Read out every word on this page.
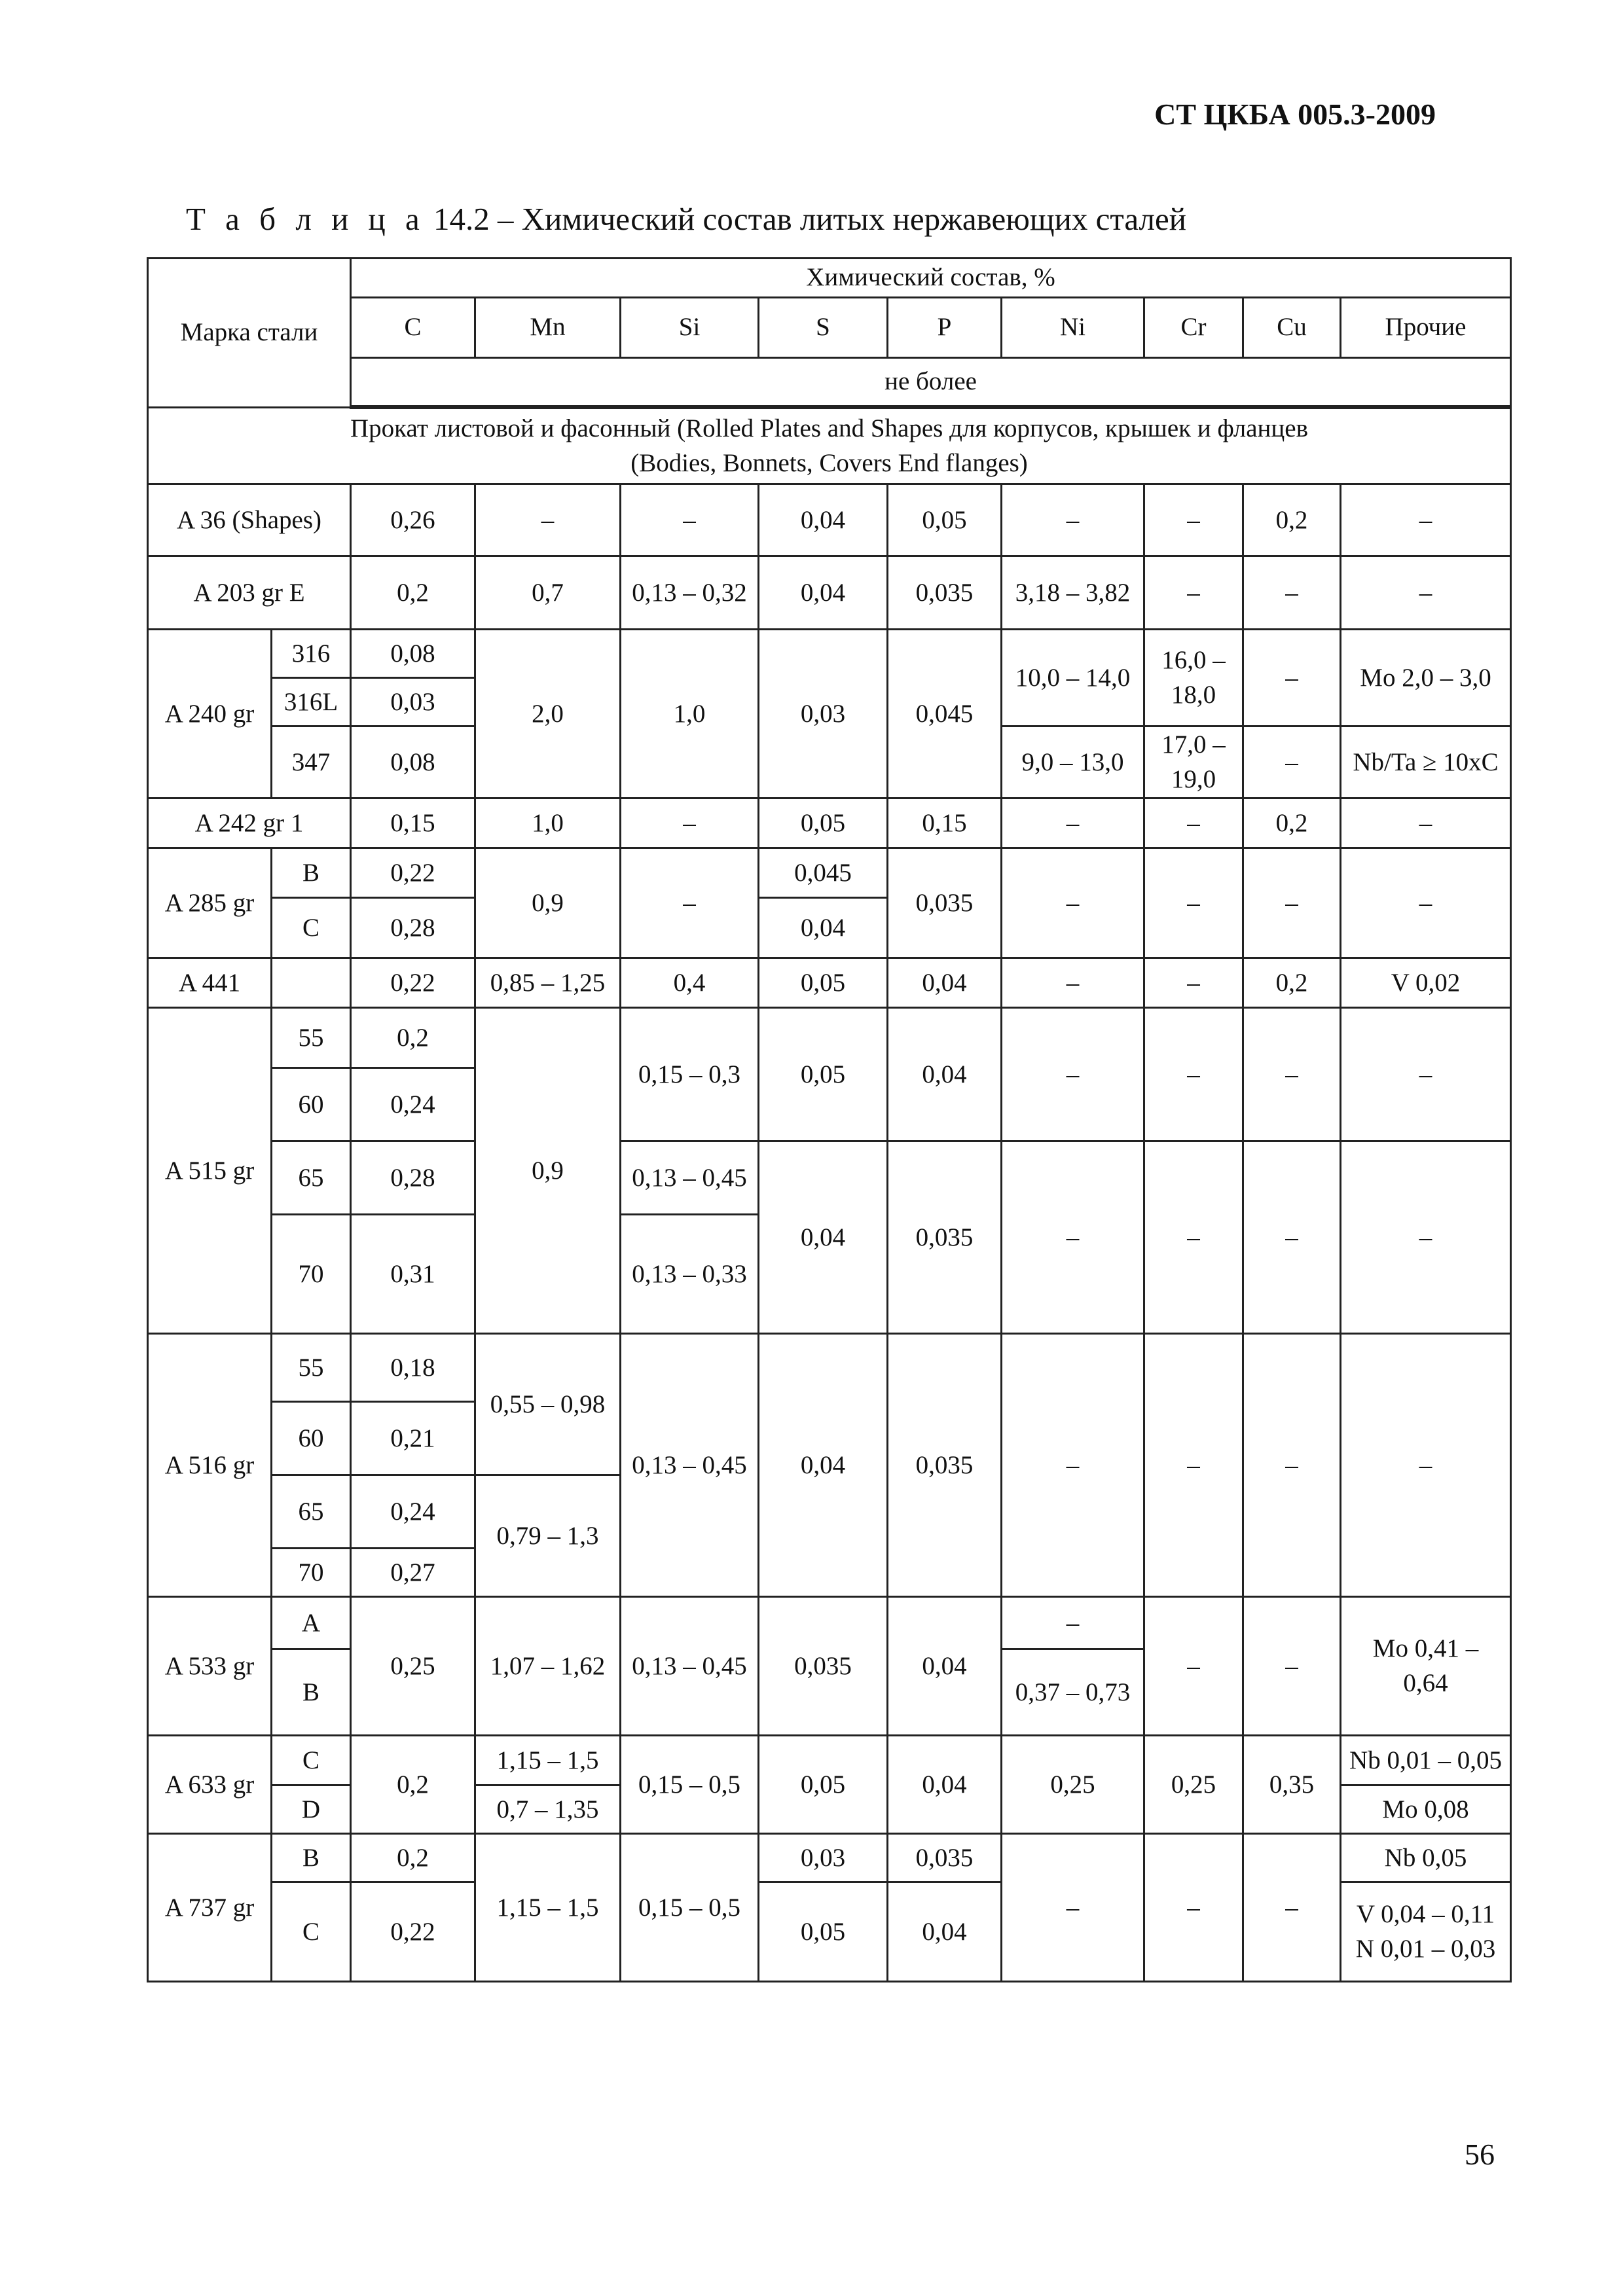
СТ ЦКБА 005.3-2009
Т а б л и ц а 14.2 – Химический состав литых нержавеющих сталей
Марка стали		Химический состав, %								
		C	Mn	Si	S	P	Ni	Cr	Cu	Прочие
		не более								
Прокат листовой и фасонный (Rolled Plates and Shapes для корпусов, крышек и фланцев (Bodies, Bonnets, Covers End flanges)										
A 36 (Shapes)		0,26	–	–	0,04	0,05	–	–	0,2	–
A 203 gr E		0,2	0,7	0,13 – 0,32	0,04	0,035	3,18 – 3,82	–	–	–
A 240 gr	316	0,08	2,0	1,0	0,03	0,045	10,0 – 14,0	16,0 – 18,0	–	Mo 2,0 – 3,0
	316L	0,03								
	347	0,08					9,0 – 13,0	17,0 – 19,0	–	Nb/Ta ≥ 10xC
A 242 gr 1		0,15	1,0	–	0,05	0,15	–	–	0,2	–
A 285 gr	B	0,22	0,9	–	0,045	0,035	–	–	–	–
	C	0,28			0,04					
A 441		0,22	0,85 – 1,25	0,4	0,05	0,04	–	–	0,2	V 0,02
A 515 gr	55	0,2	0,9	0,15 – 0,3	0,05	0,04	–	–	–	–
	60	0,24								
	65	0,28		0,13 – 0,45	0,04	0,035	–	–	–	–
	70	0,31		0,13 – 0,33						
A 516 gr	55	0,18	0,55 – 0,98	0,13 – 0,45	0,04	0,035	–	–	–	–
	60	0,21								
	65	0,24	0,79 – 1,3							
	70	0,27								
A 533 gr	A	0,25	1,07 – 1,62	0,13 – 0,45	0,035	0,04	–	–	–	Mo 0,41 – 0,64
	B						0,37 – 0,73			
A 633 gr	C	0,2	1,15 – 1,5	0,15 – 0,5	0,05	0,04	0,25	0,25	0,35	Nb 0,01 – 0,05
	D		0,7 – 1,35							Mo 0,08
A 737 gr	B	0,2	1,15 – 1,5	0,15 – 0,5	0,03	0,035	–	–	–	Nb 0,05
	C	0,22			0,05	0,04				V 0,04 – 0,11
N 0,01 – 0,03
56
